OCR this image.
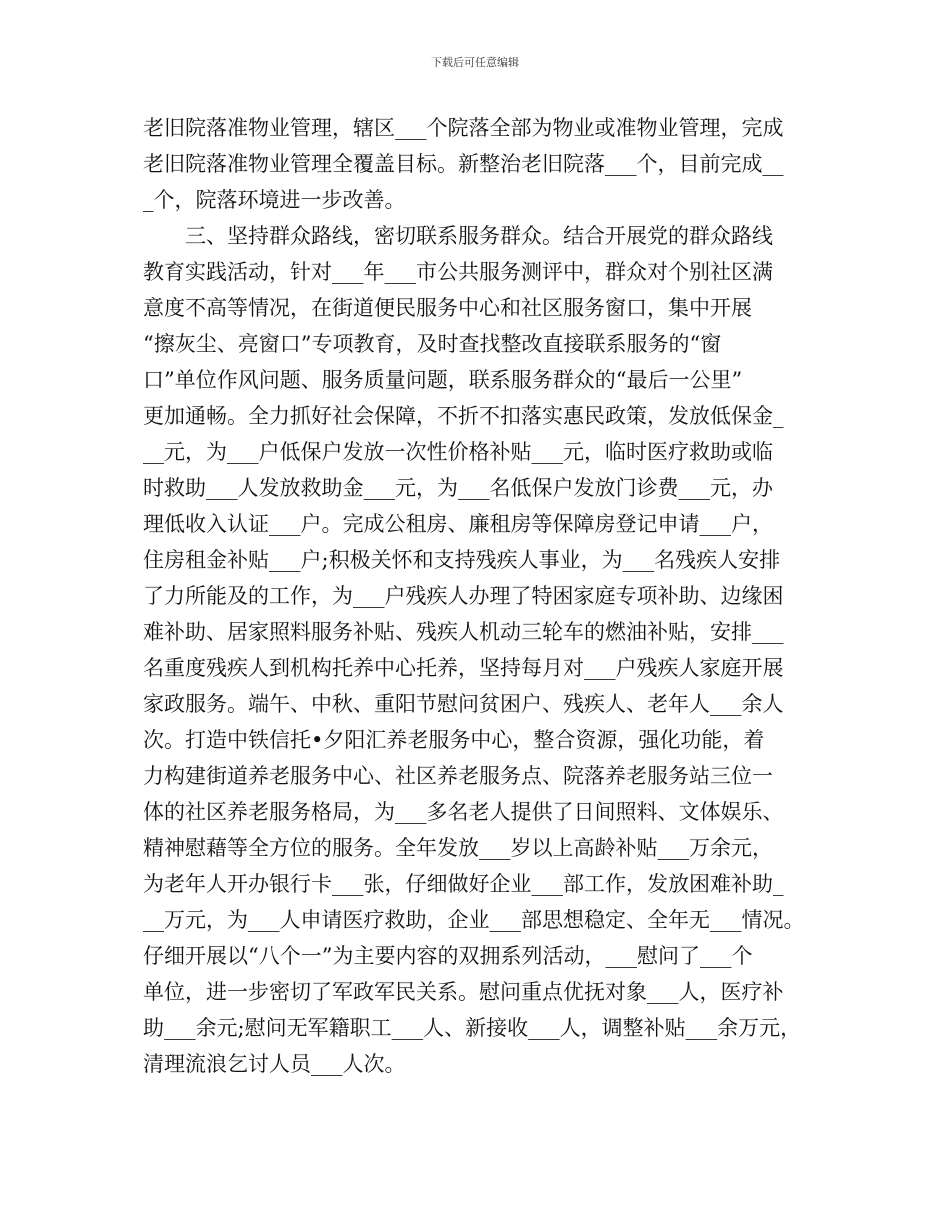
下载后可任意编辑
老旧院落准物业管理，辖区___个院落全部为物业或准物业管理，完成
老旧院落准物业管理全覆盖目标。新整治老旧院落___个，目前完成__
_个，院落环境进一步改善。
　　三、坚持群众路线，密切联系服务群众。结合开展党的群众路线
教育实践活动，针对___年___市公共服务测评中，群众对个别社区满
意度不高等情况，在街道便民服务中心和社区服务窗口，集中开展
“擦灰尘、亮窗口”专项教育，及时查找整改直接联系服务的“窗
口”单位作风问题、服务质量问题，联系服务群众的“最后一公里”
更加通畅。全力抓好社会保障，不折不扣落实惠民政策，发放低保金_
__元，为___户低保户发放一次性价格补贴___元，临时医疗救助或临
时救助___人发放救助金___元，为___名低保户发放门诊费___元，办
理低收入认证___户。完成公租房、廉租房等保障房登记申请___户，
住房租金补贴___户;积极关怀和支持残疾人事业，为___名残疾人安排
了力所能及的工作，为___户残疾人办理了特困家庭专项补助、边缘困
难补助、居家照料服务补贴、残疾人机动三轮车的燃油补贴，安排___
名重度残疾人到机构托养中心托养，坚持每月对___户残疾人家庭开展
家政服务。端午、中秋、重阳节慰问贫困户、残疾人、老年人___余人
次。打造中铁信托•夕阳汇养老服务中心，整合资源，强化功能，着
力构建街道养老服务中心、社区养老服务点、院落养老服务站三位一
体的社区养老服务格局，为___多名老人提供了日间照料、文体娱乐、
精神慰藉等全方位的服务。全年发放___岁以上高龄补贴___万余元，
为老年人开办银行卡___张，仔细做好企业___部工作，发放困难补助_
__万元，为___人申请医疗救助，企业___部思想稳定、全年无___情况。
仔细开展以“八个一”为主要内容的双拥系列活动，___慰问了___个
单位，进一步密切了军政军民关系。慰问重点优抚对象___人，医疗补
助___余元;慰问无军籍职工___人、新接收___人，调整补贴___余万元，
清理流浪乞讨人员___人次。
